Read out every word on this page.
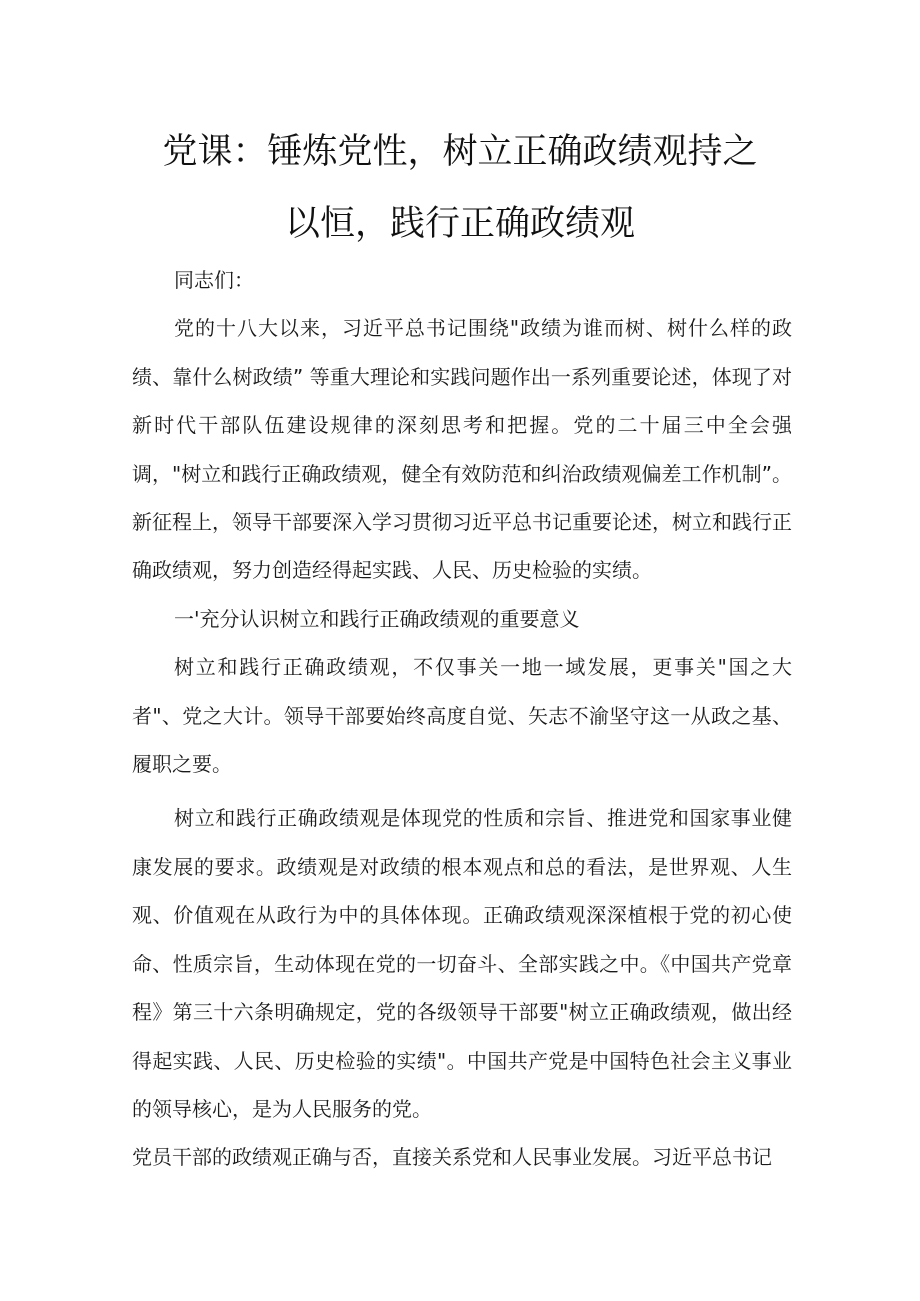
党课：锤炼党性，树立正确政绩观持之
以恒，践行正确政绩观

同志们：

党的十八大以来，习近平总书记围绕"政绩为谁而树、树什么样的政绩、靠什么树政绩” 等重大理论和实践问题作出一系列重要论述，体现了对新时代干部队伍建设规律的深刻思考和把握。党的二十届三中全会强调，"树立和践行正确政绩观，健全有效防范和纠治政绩观偏差工作机制”。新征程上，领导干部要深入学习贯彻习近平总书记重要论述，树立和践行正确政绩观，努力创造经得起实践、人民、历史检验的实绩。

一'充分认识树立和践行正确政绩观的重要意义

树立和践行正确政绩观，不仅事关一地一域发展，更事关"国之大者"、党之大计。领导干部要始终高度自觉、矢志不渝坚守这一从政之基、履职之要。

树立和践行正确政绩观是体现党的性质和宗旨、推进党和国家事业健康发展的要求。政绩观是对政绩的根本观点和总的看法，是世界观、人生观、价值观在从政行为中的具体体现。正确政绩观深深植根于党的初心使命、性质宗旨，生动体现在党的一切奋斗、全部实践之中。《中国共产党章程》第三十六条明确规定，党的各级领导干部要"树立正确政绩观，做出经得起实践、人民、历史检验的实绩"。中国共产党是中国特色社会主义事业的领导核心，是为人民服务的党。

党员干部的政绩观正确与否，直接关系党和人民事业发展。习近平总书记
